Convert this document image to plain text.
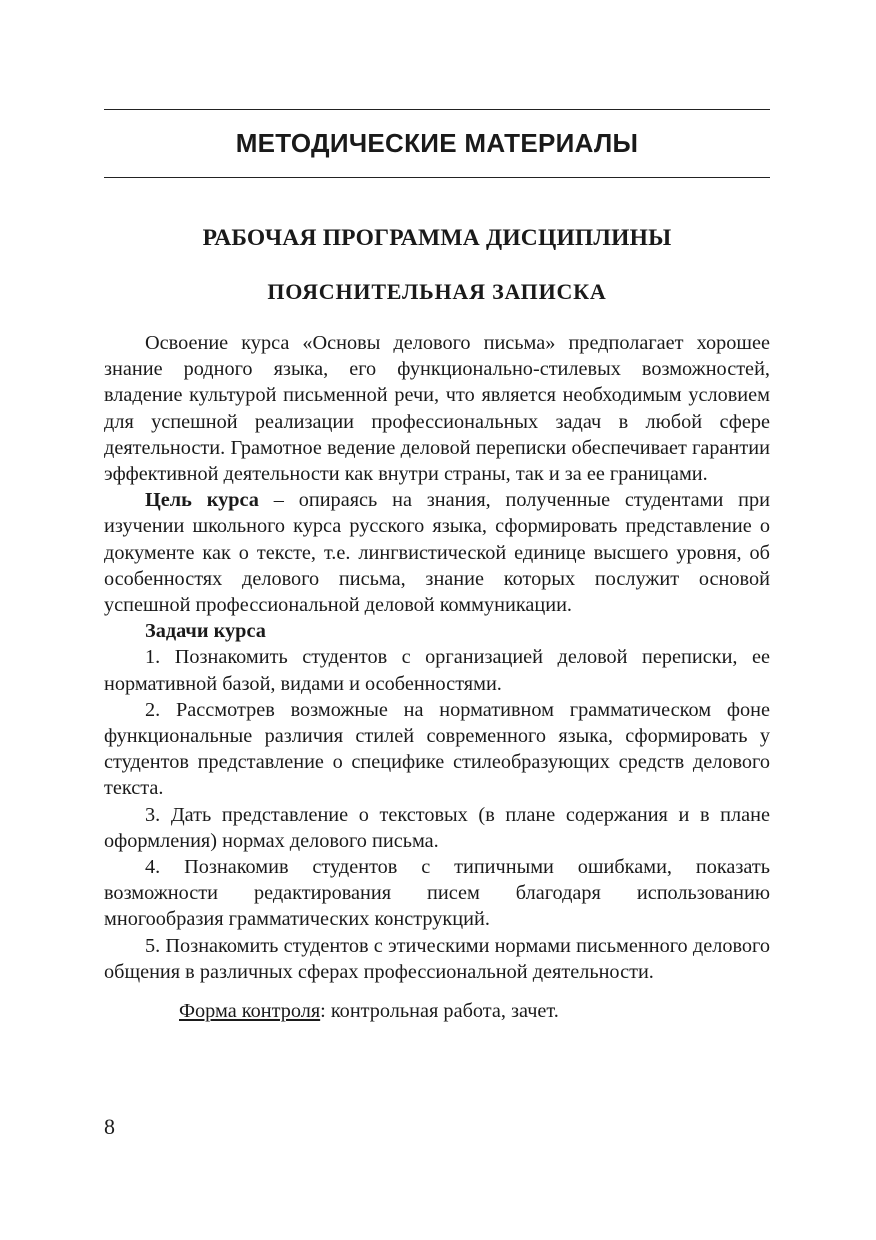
МЕТОДИЧЕСКИЕ МАТЕРИАЛЫ
РАБОЧАЯ ПРОГРАММА ДИСЦИПЛИНЫ
ПОЯСНИТЕЛЬНАЯ ЗАПИСКА

Освоение курса «Основы делового письма» предполагает хорошее знание родного языка, его функционально-стилевых возможностей, владение культурой письменной речи, что является необходимым условием для успешной реализации профессиональных задач в любой сфере деятельности. Грамотное ведение деловой переписки обеспечивает гарантии эффективной деятельности как внутри страны, так и за ее границами.

Цель курса – опираясь на знания, полученные студентами при изучении школьного курса русского языка, сформировать представление о документе как о тексте, т.е. лингвистической единице высшего уровня, об особенностях делового письма, знание которых послужит основой успешной профессиональной деловой коммуникации.

Задачи курса

1. Познакомить студентов с организацией деловой переписки, ее нормативной базой, видами и особенностями.

2. Рассмотрев возможные на нормативном грамматическом фоне функциональные различия стилей современного языка, сформировать у студентов представление о специфике стилеобразующих средств делового текста.

3. Дать представление о текстовых (в плане содержания и в плане оформления) нормах делового письма.

4. Познакомив студентов с типичными ошибками, показать возможности редактирования писем благодаря использованию многообразия грамматических конструкций.

5. Познакомить студентов с этическими нормами письменного делового общения в различных сферах профессиональной деятельности.

Форма контроля: контрольная работа, зачет.

8
